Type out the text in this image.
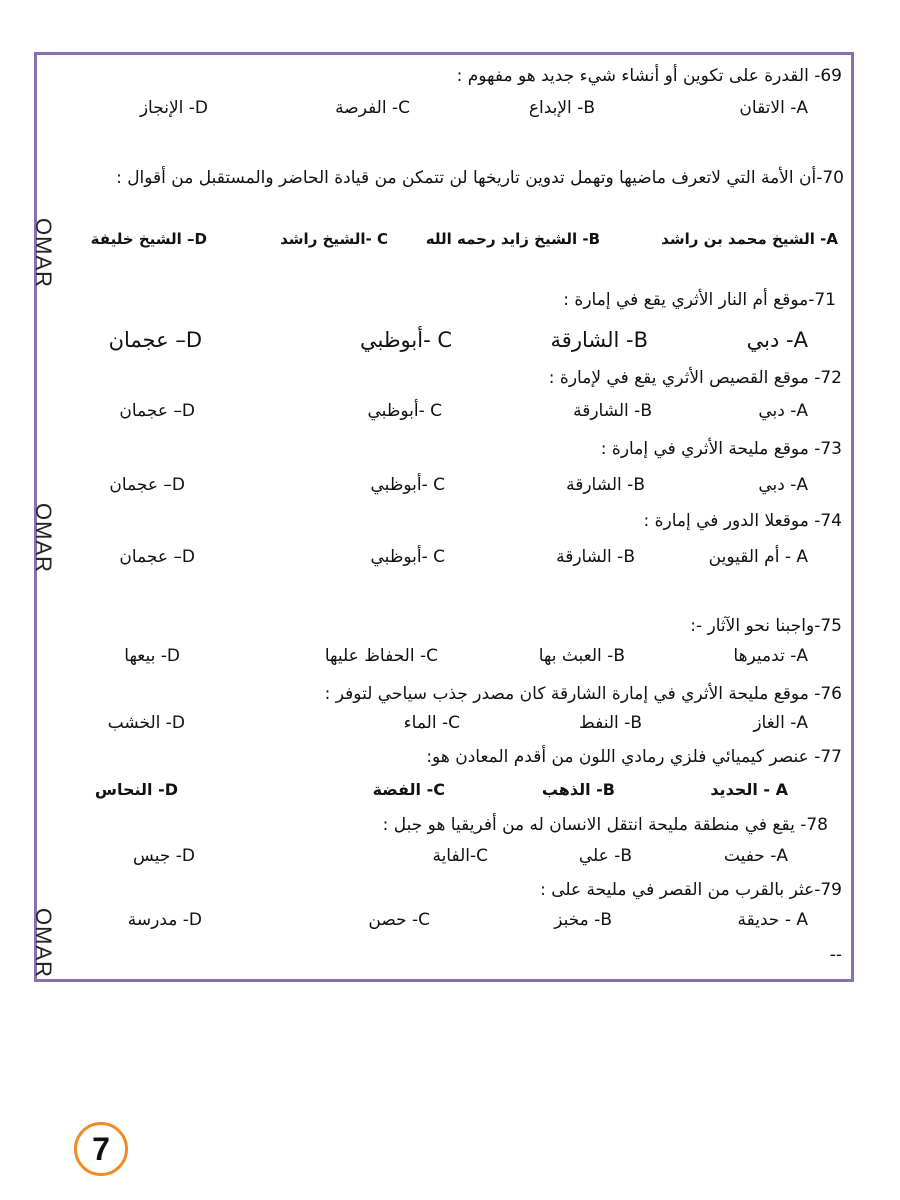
OMAR
OMAR
OMAR
69- القدرة على تكوين أو أنشاء شيء جديد هو مفهوم :
A- الاتقان
B- الإبداع
C- الفرصة
D- الإنجاز
70-أن الأمة التي لاتعرف ماضيها وتهمل تدوين تاريخها لن تتمكن من قيادة الحاضر والمستقبل من أقوال :
A- الشيخ محمد بن راشد
B- الشيخ زايد رحمه الله
C -الشيخ راشد
D– الشيخ خليفة
71-موقع أم النار الأثري يقع في إمارة :
A- دبي
B- الشارقة
C -أبوظبي
D– عجمان
72- موقع القصيص الأثري يقع في لإمارة :
A- دبي
B- الشارقة
C -أبوظبي
D– عجمان
73- موقع مليحة الأثري في إمارة :
A- دبي
B- الشارقة
C -أبوظبي
D– عجمان
74- موقعلا الدور في إمارة :
A - أم القيوين
B- الشارقة
C -أبوظبي
D– عجمان
75-واجبنا نحو الآثار -:
A- تدميرها
B- العبث بها
C- الحفاظ عليها
D- بيعها
76- موقع مليحة الأثري في إمارة الشارقة كان مصدر جذب سياحي لتوفر :
A- الغاز
B- النفط
C- الماء
D- الخشب
77- عنصر كيميائي فلزي رمادي اللون من أقدم المعادن هو:
A - الحديد
B- الذهب
C- الفضة
D- النحاس
78- يقع في منطقة مليحة انتقل الانسان له من أفريقيا هو جبل :
A- حفيت
B- علي
C-الفاية
D- جيس
79-عثر بالقرب من القصر في مليحة على :
A - حديقة
B- مخبز
C- حصن
D- مدرسة
--
7
